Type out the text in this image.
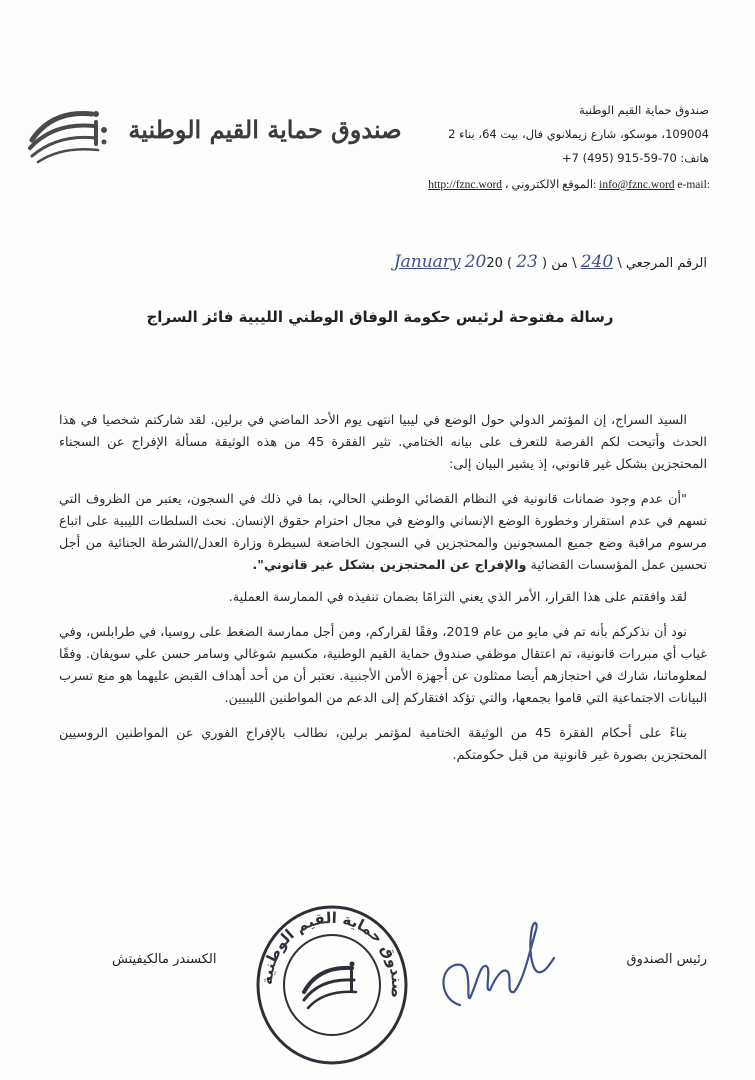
صندوق حماية القيم الوطنية
صندوق حماية القيم الوطنية
109004، موسكو، شارع زيملانوي فال، بيت 64، بناء 2
هاتف: 70-59-915 (495) 7+
http://fznc.word ، الموقع الالكتروني: info@fznc.word e-mail:
الرقم المرجعي \ 240 \ من ( 23 ) January 2020
رسالة مفتوحة لرئيس حكومة الوفاق الوطني الليبية فائز السراج

السيد السراج، إن المؤتمر الدولي حول الوضع في ليبيا انتهى يوم الأحد الماضي في برلين. لقد شاركتم شخصيا في هذا الحدث وأتيحت لكم الفرصة للتعرف على بيانه الختامي. تثير الفقرة 45 من هذه الوثيقة مسألة الإفراج عن السجناء المحتجزين بشكل غير قانوني، إذ يشير البيان إلى:

"أن عدم وجود ضمانات قانونية في النظام القضائي الوطني الحالي، بما في ذلك في السجون، يعتبر من الظروف التي تسهم في عدم استقرار وخطورة الوضع الإنساني والوضع في مجال احترام حقوق الإنسان. نحث السلطات الليبية على اتباع مرسوم مراقبة وضع جميع المسجونين والمحتجزين في السجون الخاضعة لسيطرة وزارة العدل/الشرطة الجنائية من أجل تحسين عمل المؤسسات القضائية والإفراج عن المحتجزين بشكل غير قانوني".

لقد وافقتم على هذا القرار، الأمر الذي يعني التزامًا بضمان تنفيذه في الممارسة العملية.

نود أن نذكركم بأنه تم في مايو من عام 2019، وفقًا لقراركم، ومن أجل ممارسة الضغط على روسيا، في طرابلس، وفي غياب أي مبررات قانونية، تم اعتقال موظفي صندوق حماية القيم الوطنية، مكسيم شوغالي وسامر حسن علي سويفان. وفقًا لمعلوماتنا، شارك في احتجازهم أيضا ممثلون عن أجهزة الأمن الأجنبية. نعتبر أن من أحد أهداف القبض عليهما هو منع تسرب البيانات الاجتماعية التي قاموا بجمعها، والتي تؤكد افتقاركم إلى الدعم من المواطنين الليبيين.

بناءً على أحكام الفقرة 45 من الوثيقة الختامية لمؤتمر برلين، نطالب بالإفراج الفوري عن المواطنين الروسيين المحتجزين بصورة غير قانونية من قبل حكومتكم.

رئيس الصندوق
الكسندر مالكيفيتش
صندوق حماية القيم الوطنية
